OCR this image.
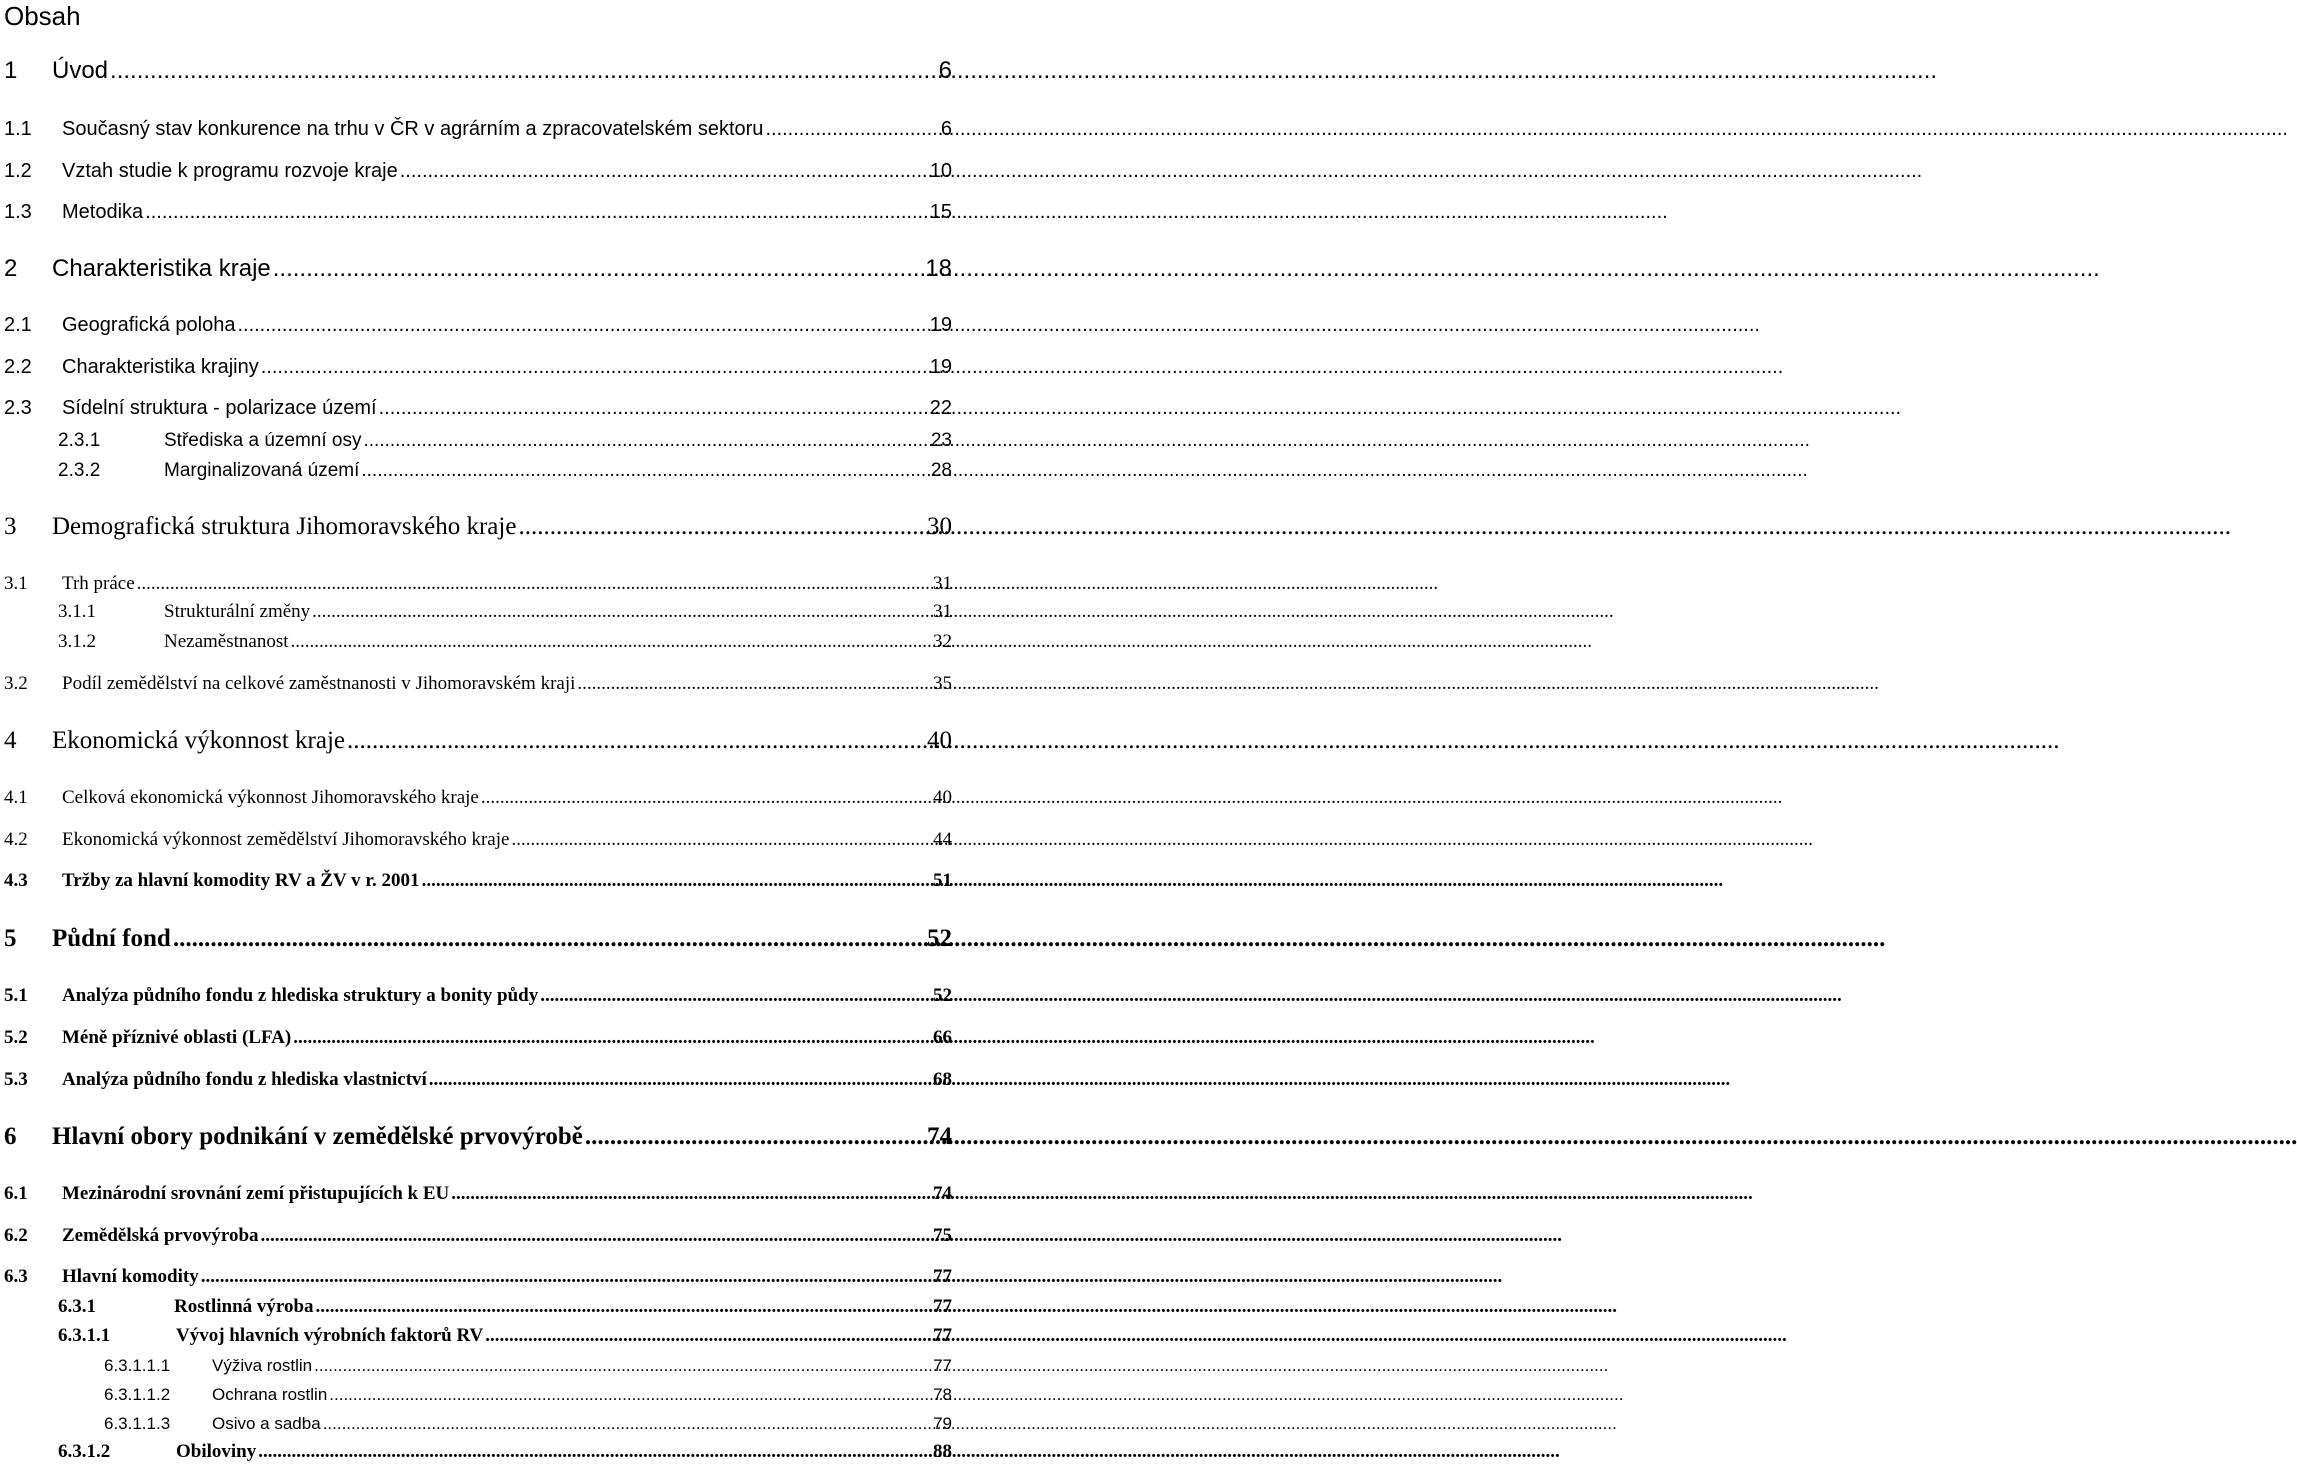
Obsah
1	Úvod .....	6
1.1	Současný stav konkurence na trhu v ČR v agrárním a zpracovatelském sektoru .....	6
1.2	Vztah studie k programu rozvoje kraje .....	10
1.3	Metodika .....	15
2	Charakteristika kraje .....	18
2.1	Geografická poloha .....	19
2.2	Charakteristika krajiny .....	19
2.3	Sídelní struktura - polarizace území .....	22
2.3.1	Střediska a územní osy .....	23
2.3.2	Marginalizovaná území .....	28
3	Demografická struktura Jihomoravského kraje .....	30
3.1	Trh práce .....	31
3.1.1	Strukturální změny .....	31
3.1.2	Nezaměstnanost .....	32
3.2	Podíl zemědělství na celkové zaměstnanosti v Jihomoravském kraji .....	35
4	Ekonomická výkonnost kraje .....	40
4.1	Celková ekonomická výkonnost Jihomoravského kraje .....	40
4.2	Ekonomická výkonnost zemědělství Jihomoravského kraje .....	44
4.3	Tržby za hlavní komodity RV a ŽV v r. 2001 .....	51
5	Půdní fond .....	52
5.1	Analýza půdního fondu z hlediska struktury a bonity půdy .....	52
5.2	Méně příznivé oblasti (LFA) .....	66
5.3	Analýza půdního fondu z hlediska vlastnictví .....	68
6	Hlavní obory podnikání v zemědělské prvovýrobě .....	74
6.1	Mezinárodní srovnání zemí přistupujících k EU .....	74
6.2	Zemědělská prvovýroba .....	75
6.3	Hlavní komodity .....	77
6.3.1	Rostlinná výroba .....	77
6.3.1.1	Vývoj hlavních výrobních faktorů RV .....	77
6.3.1.1.1	Výživa rostlin .....	77
6.3.1.1.2	Ochrana rostlin .....	78
6.3.1.1.3	Osivo a sadba .....	79
6.3.1.2	Obiloviny .....	88
